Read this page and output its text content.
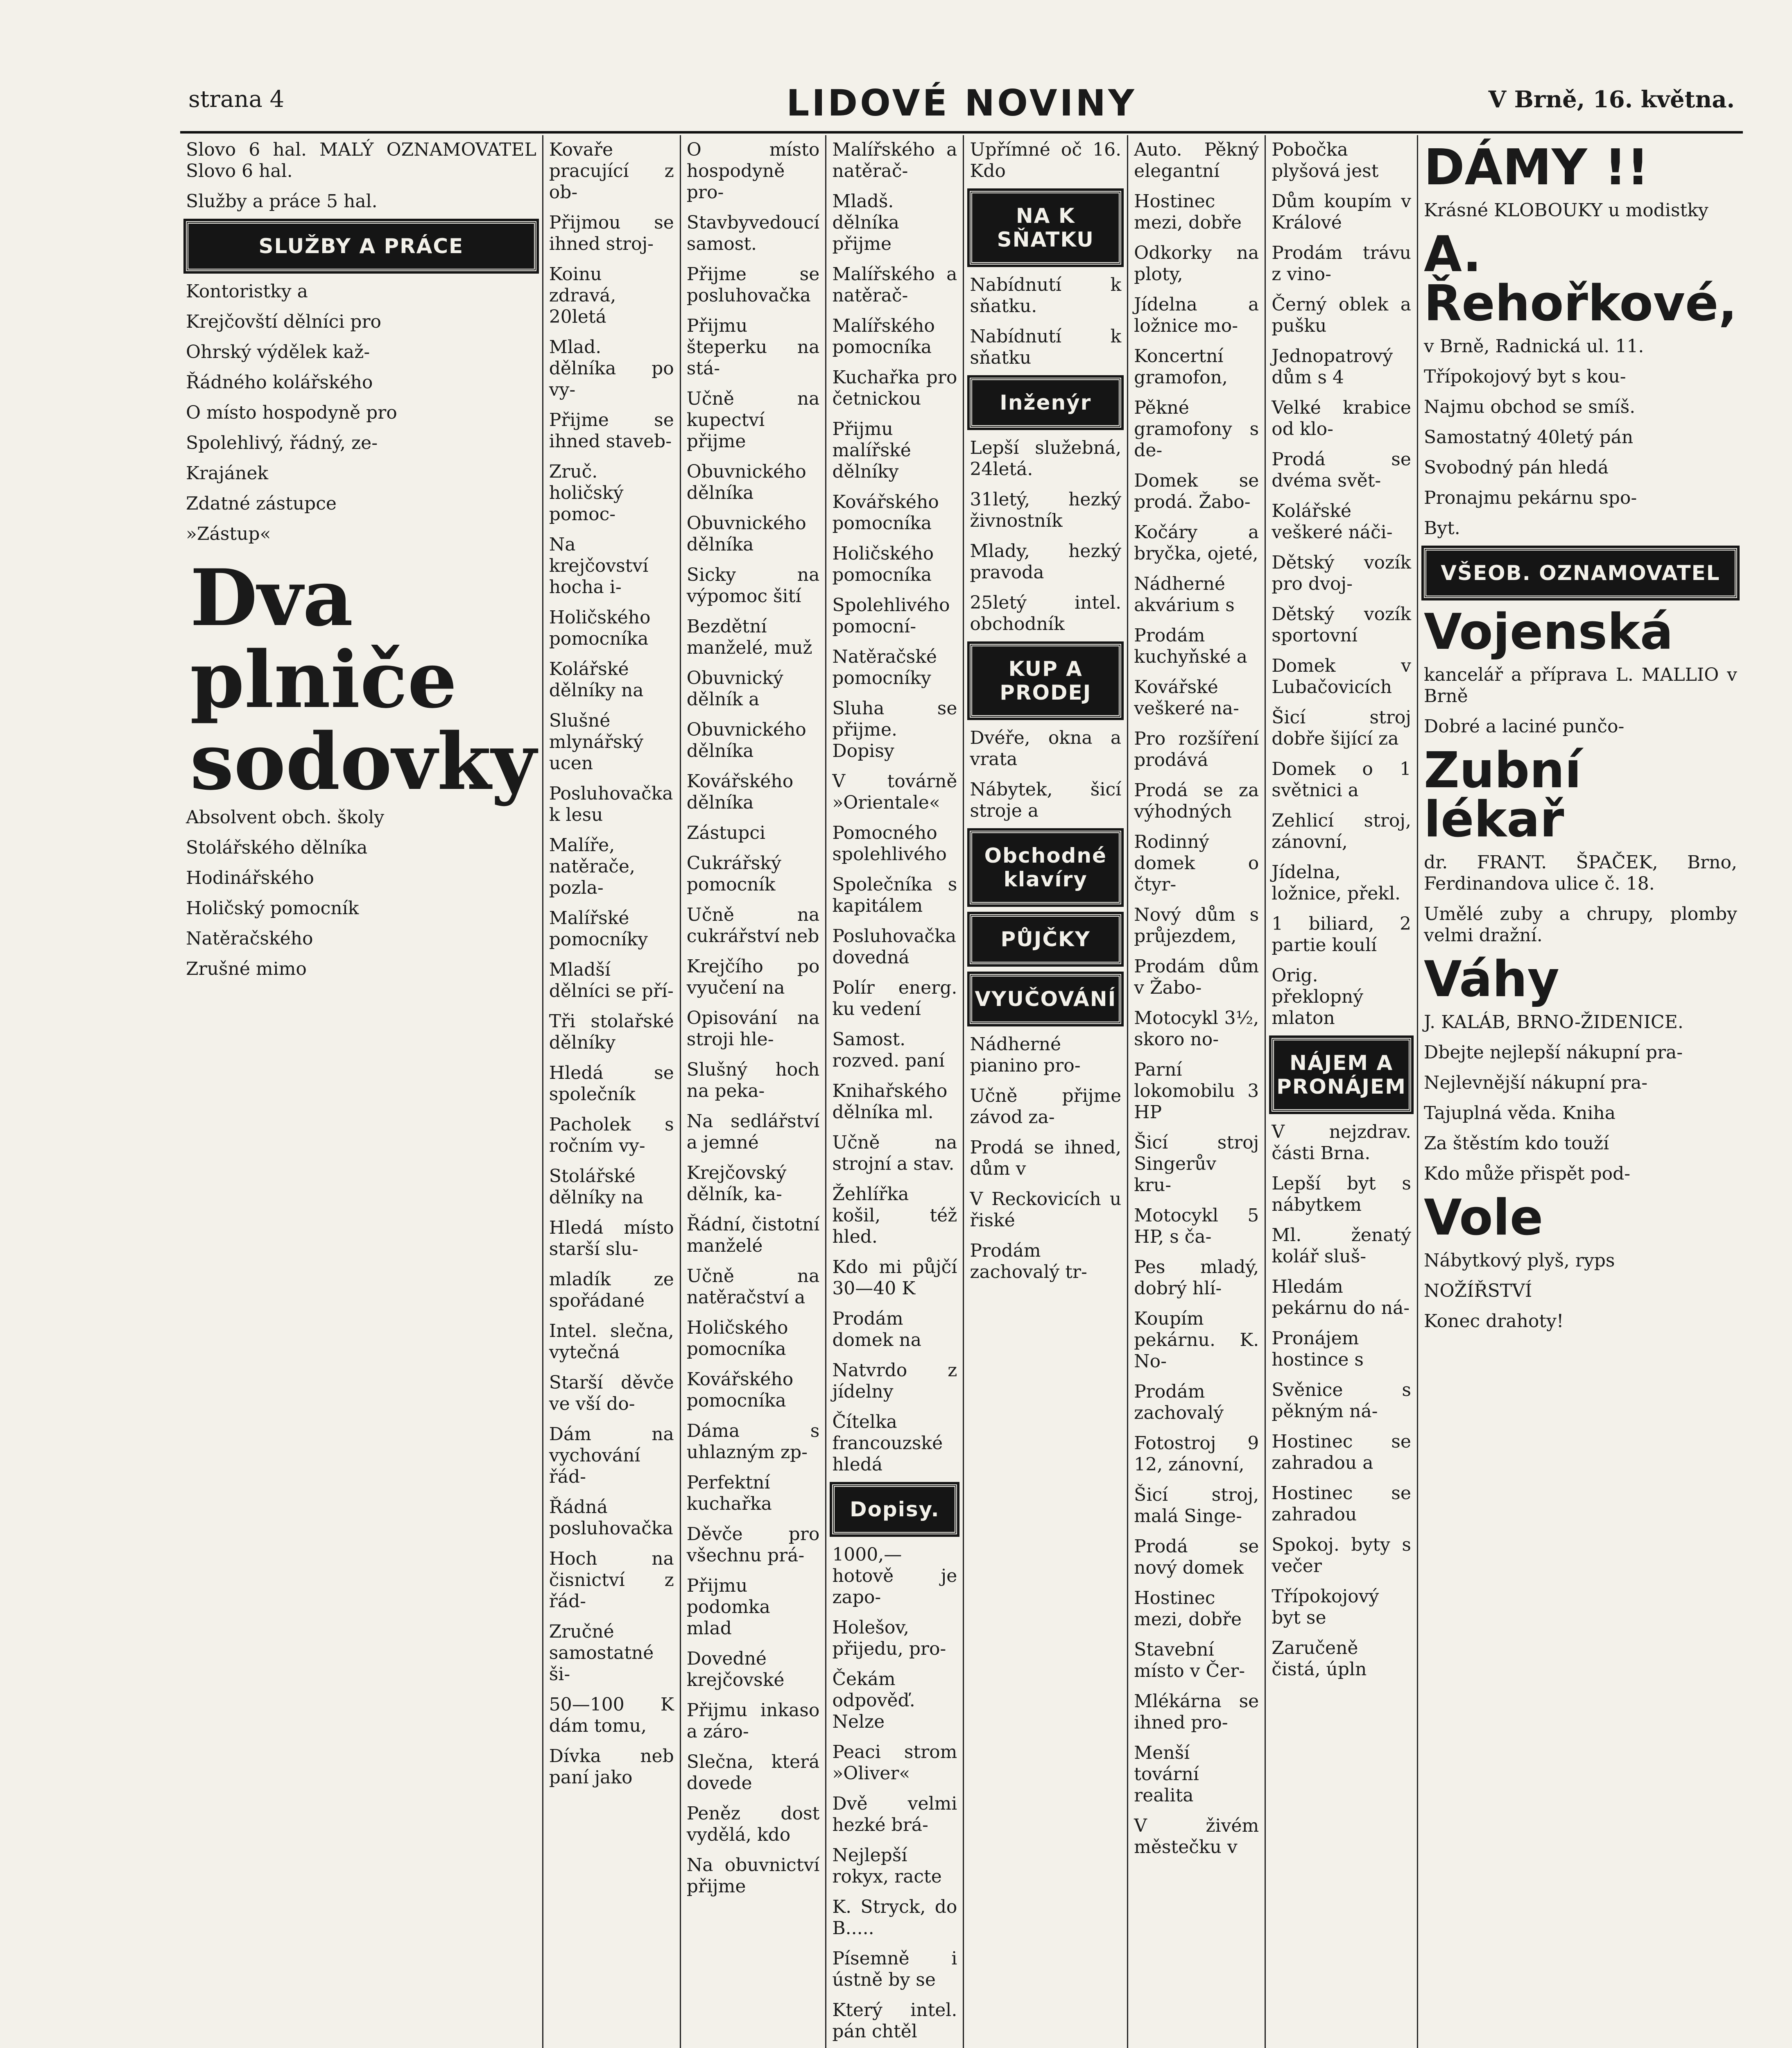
strana 4	LIDOVÉ NOVINY	V Brně, 16. května.
Slovo 6 hal. MALÝ OZNAMOVATEL Slovo 6 hal.
Služby a práce 5 hal.
SLUŽBY A PRÁCE
Kontoristky a
Krejčovští dělníci pro
Ohrský výdělek kaž-
Řádného kolářského
O místo hospodyně pro
Spolehlivý, řádný, ze-
Krajánek
Zdatné zástupce
»Zástup«
Dva plniče sodovky
Absolvent obch. školy
Stolářského dělníka
Hodinářského
Holičský pomocník
Natěračského
Zrušné mimo
Kovaře pracující z ob-
Přijmou se ihned stroj-
Koinu zdravá, 20letá
Mlad. dělníka po vy-
Přijme se ihned staveb-
Zruč. holičský pomoc-
Na krejčovství hocha i-
Holičského pomocníka
Kolářské dělníky na
Slušné mlynářský ucen
Posluhovačka k lesu
Malíře, natěrače, pozla-
Malířské pomocníky
Mladší dělníci se pří-
Tři stolařské dělníky
Hledá se společník
Pacholek s ročním vy-
Stolářské dělníky na
Hledá místo starší slu-
mladík ze spořádané
Intel. slečna, vytečná
Starší děvče ve vší do-
Dám na vychování řád-
Řádná posluhovačka
Hoch na čisnictví z řád-
Zručné samostatné ši-
50—100 K dám tomu,
Dívka neb paní jako
O místo hospodyně pro-
Stavbyvedoucí samost.
Přijme se posluhovačka
Přijmu šteperku na stá-
Učně na kupectví přijme
Obuvnického dělníka
Obuvnického dělníka
Sicky na výpomoc šití
Bezdětní manželé, muž
Obuvnický dělník a
Obuvnického dělníka
Kovářského dělníka
Zástupci
Cukrářský pomocník
Učně na cukrářství neb
Krejčího po vyučení na
Opisování na stroji hle-
Slušný hoch na peka-
Na sedlářství a jemné
Krejčovský dělník, ka-
Řádní, čistotní manželé
Učně na natěračství a
Holičského pomocníka
Kovářského pomocníka
Dáma s uhlazným zp-
Perfektní kuchařka
Děvče pro všechnu prá-
Přijmu podomka mlad
Dovedné krejčovské
Přijmu inkaso a záro-
Slečna, která dovede
Peněz dost vydělá, kdo
Na obuvnictví přijme
Malířského a natěrač-
Mladš. dělníka přijme
Malířského a natěrač-
Malířského pomocníka
Kuchařka pro četnickou
Přijmu malířské dělníky
Kovářského pomocníka
Holičského pomocníka
Spolehlivého pomocní-
Natěračské pomocníky
Sluha se přijme. Dopisy
V továrně »Orientale«
Pomocného spolehlivého
Společníka s kapitálem
Posluhovačka dovedná
Polír energ. ku vedení
Samost. rozved. paní
Knihařského dělníka ml.
Učně na strojní a stav.
Žehlířka košil, též hled.
Kdo mi půjčí 30—40 K
Prodám domek na
Natvrdo z jídelny
Čítelka francouzské hledá
Dopisy.
1000,— hotově je zapo-
Holešov, přijedu, pro-
Čekám odpověď. Nelze
Peaci strom »Oliver«
Dvě velmi hezké brá-
Nejlepší rokyx, racte
K. Stryck, do B.....
Písemně i ústně by se
Který intel. pán chtěl
Upřímné oč 16. Kdo
NA K SŇATKU
Nabídnutí k sňatku.
Nabídnutí k sňatku
Inženýr
Lepší služebná, 24letá.
31letý, hezký živnostník
Mlady, hezký pravoda
25letý intel. obchodník
KUP A PRODEJ
Dvéře, okna a vrata
Nábytek, šicí stroje a
Obchodné klavíry
PŮJČKY
VYUČOVÁNÍ
Nádherné pianino pro-
Učně přijme závod za-
Prodá se ihned, dům v
V Reckovicích u řiské
Prodám zachovalý tr-
Auto. Pěkný elegantní
Hostinec mezi, dobře
Odkorky na ploty,
Jídelna a ložnice mo-
Koncertní gramofon,
Pěkné gramofony s de-
Domek se prodá. Žabo-
Kočáry a bryčka, ojeté,
Nádherné akvárium s
Prodám kuchyňské a
Kovářské veškeré na-
Pro rozšíření prodává
Prodá se za výhodných
Rodinný domek o čtyr-
Nový dům s průjezdem,
Prodám dům v Žabo-
Motocykl 3½, skoro no-
Parní lokomobilu 3 HP
Šicí stroj Singerův kru-
Motocykl 5 HP, s ča-
Pes mladý, dobrý hlí-
Koupím pekárnu. K. No-
Prodám zachovalý
Fotostroj 9 12, zánovní,
Šicí stroj, malá Singe-
Prodá se nový domek
Hostinec mezi, dobře
Stavební místo v Čer-
Mlékárna se ihned pro-
Menší tovární realita
V živém městečku v
Pobočka plyšová jest
Dům koupím v Králové
Prodám trávu z vino-
Černý oblek a pušku
Jednopatrový dům s 4
Velké krabice od klo-
Prodá se dvéma svět-
Kolářské veškeré náči-
Dětský vozík pro dvoj-
Dětský vozík sportovní
Domek v Lubačovicích
Šicí stroj dobře šijící za
Domek o 1 světnici a
Zehlicí stroj, zánovní,
Jídelna, ložnice, překl.
1 biliard, 2 partie koulí
Orig. překlopný mlaton
NÁJEM A PRONÁJEM
V nejzdrav. části Brna.
Lepší byt s nábytkem
Ml. ženatý kolář sluš-
Hledám pekárnu do ná-
Pronájem hostince s
Svěnice s pěkným ná-
Hostinec se zahradou a
Hostinec se zahradou
Spokoj. byty s večer
Třípokojový byt se
Zaručeně čistá, úpln
DÁMY !!
Krásné KLOBOUKY u modistky
A. Řehořkové,
v Brně, Radnická ul. 11.
Třípokojový byt s kou-
Najmu obchod se smíš.
Samostatný 40letý pán
Svobodný pán hledá
Pronajmu pekárnu spo-
Byt.
VŠEOB. OZNAMOVATEL
Vojenská
kancelář a příprava L. MALLIO v Brně
Dobré a laciné punčo-
Zubní lékař
dr. FRANT. ŠPAČEK, Brno, Ferdinandova ulice č. 18.
Umělé zuby a chrupy, plomby velmi dražní.
Váhy
J. KALÁB, BRNO-ŽIDENICE.
Dbejte nejlepší nákupní pra-
Nejlevnější nákupní pra-
Tajuplná věda. Kniha
Za štěstím kdo touží
Kdo může přispět pod-
Vole
Nábytkový plyš, ryps
NOŽÍŘSTVÍ
Konec drahoty!
